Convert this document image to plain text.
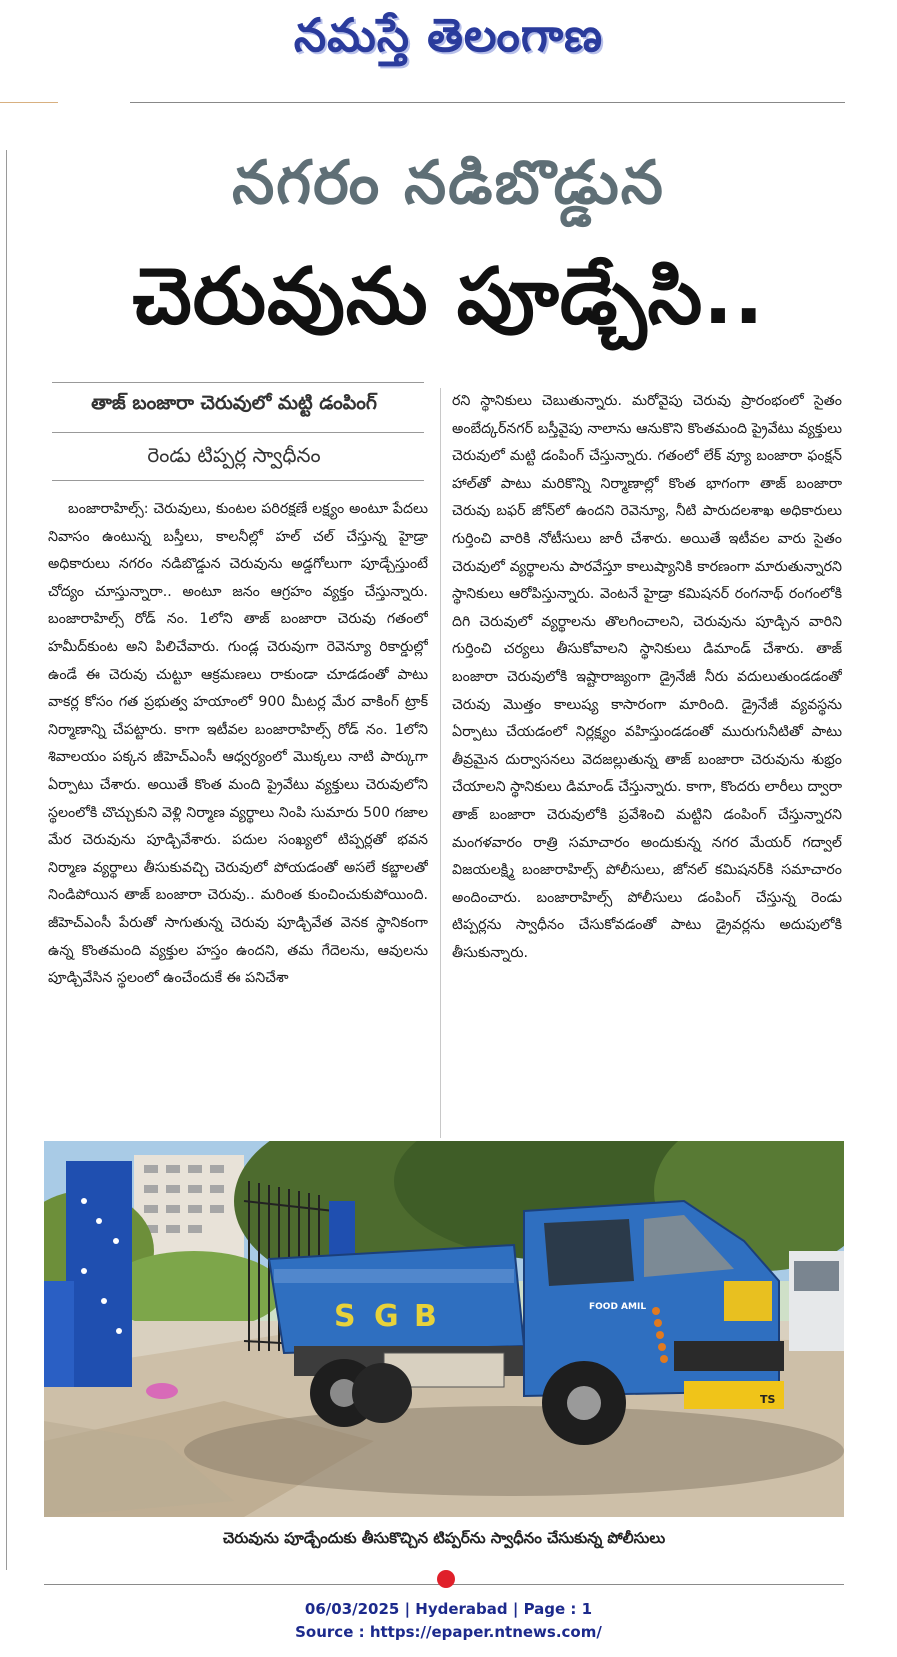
నమస్తే తెలంగాణ
నగరం నడిబొడ్డున
చెరువును పూడ్చేసి..
తాజ్ బంజారా చెరువులో మట్టి డంపింగ్
రెండు టిప్పర్ల స్వాధీనం

బంజారాహిల్స్: చెరువులు, కుంటల పరిరక్షణే లక్ష్యం అంటూ పేదలు నివాసం ఉంటున్న బస్తీలు, కాలనీల్లో హల్ చల్ చేస్తున్న హైడ్రా అధికారులు నగరం నడిబొడ్డున చెరువును అడ్డగోలుగా పూడ్చేస్తుంటే చోద్యం చూస్తున్నారా.. అంటూ జనం ఆగ్రహం వ్యక్తం చేస్తున్నారు. బంజారాహిల్స్ రోడ్ నం. 1లోని తాజ్ బంజారా చెరువు గతంలో హమీద్‌కుంట అని పిలిచేవారు. గుండ్ల చెరువుగా రెవెన్యూ రికార్డుల్లో ఉండే ఈ చెరువు చుట్టూ ఆక్రమణలు రాకుండా చూడడంతో పాటు వాకర్ల కోసం గత ప్రభుత్వ హయాంలో 900 మీటర్ల మేర వాకింగ్ ట్రాక్ నిర్మాణాన్ని చేపట్టారు. కాగా ఇటీవల బంజారాహిల్స్ రోడ్ నం. 1లోని శివాలయం పక్కన జీహెచ్ఎంసీ ఆధ్వర్యంలో మొక్కలు నాటి పార్కుగా ఏర్పాటు చేశారు. అయితే కొంత మంది ప్రైవేటు వ్యక్తులు చెరువులోని స్థలంలోకి చొచ్చుకుని వెళ్లి నిర్మాణ వ్యర్థాలు నింపి సుమారు 500 గజాల మేర చెరువును పూడ్చివేశారు. పదుల సంఖ్యలో టిప్పర్లతో భవన నిర్మాణ వ్యర్థాలు తీసుకువచ్చి చెరువులో పోయడంతో అసలే కబ్జాలతో నిండిపోయిన తాజ్ బంజారా చెరువు.. మరింత కుంచించుకుపోయింది. జీహెచ్ఎంసీ పేరుతో సాగుతున్న చెరువు పూడ్చివేత వెనక స్థానికంగా ఉన్న కొంతమంది వ్యక్తుల హస్తం ఉందని, తమ గేదెలను, ఆవులను పూడ్చివేసిన స్థలంలో ఉంచేందుకే ఈ పనిచేశా

రని స్థానికులు చెబుతున్నారు. మరోవైపు చెరువు ప్రారంభంలో సైతం అంబేద్కర్‌నగర్ బస్తీవైపు నాలాను ఆనుకొని కొంతమంది ప్రైవేటు వ్యక్తులు చెరువులో మట్టి డంపింగ్ చేస్తున్నారు. గతంలో లేక్ వ్యూ బంజారా ఫంక్షన్ హాల్‌తో పాటు మరికొన్ని నిర్మాణాల్లో కొంత భాగంగా తాజ్ బంజారా చెరువు బఫర్ జోన్‌లో ఉందని రెవెన్యూ, నీటి పారుదలశాఖ అధికారులు గుర్తించి వారికి నోటీసులు జారీ చేశారు. అయితే ఇటీవల వారు సైతం చెరువులో వ్యర్థాలను పారవేస్తూ కాలుష్యానికి కారణంగా మారుతున్నారని స్థానికులు ఆరోపిస్తున్నారు. వెంటనే హైడ్రా కమిషనర్ రంగనాథ్ రంగంలోకి దిగి చెరువులో వ్యర్థాలను తొలగించాలని, చెరువును పూడ్చిన వారిని గుర్తించి చర్యలు తీసుకోవాలని స్థానికులు డిమాండ్ చేశారు. తాజ్ బంజారా చెరువులోకి ఇష్టారాజ్యంగా డ్రైనేజీ నీరు వదులుతుండడంతో చెరువు మొత్తం కాలుష్య కాసారంగా మారింది. డ్రైనేజీ వ్యవస్థను ఏర్పాటు చేయడంలో నిర్లక్ష్యం వహిస్తుండడంతో మురుగునీటితో పాటు తీవ్రమైన దుర్వాసనలు వెదజల్లుతున్న తాజ్ బంజారా చెరువును శుభ్రం చేయాలని స్థానికులు డిమాండ్ చేస్తున్నారు. కాగా, కొందరు లారీలు ద్వారా తాజ్ బంజారా చెరువులోకి ప్రవేశించి మట్టిని డంపింగ్ చేస్తున్నారని మంగళవారం రాత్రి సమాచారం అందుకున్న నగర మేయర్ గద్వాల్ విజయలక్ష్మి బంజారాహిల్స్ పోలీసులు, జోనల్ కమిషనర్‌కి సమాచారం అందించారు. బంజారాహిల్స్ పోలీసులు డంపింగ్ చేస్తున్న రెండు టిప్పర్లను స్వాధీనం చేసుకోవడంతో పాటు డ్రైవర్లను అదుపులోకి తీసుకున్నారు.

S G B	FOOD AMIL
TS
చెరువును పూడ్చేందుకు తీసుకొచ్చిన టిప్పర్‌ను స్వాధీనం చేసుకున్న పోలీసులు
06/03/2025 | Hyderabad | Page : 1
Source : https://epaper.ntnews.com/
